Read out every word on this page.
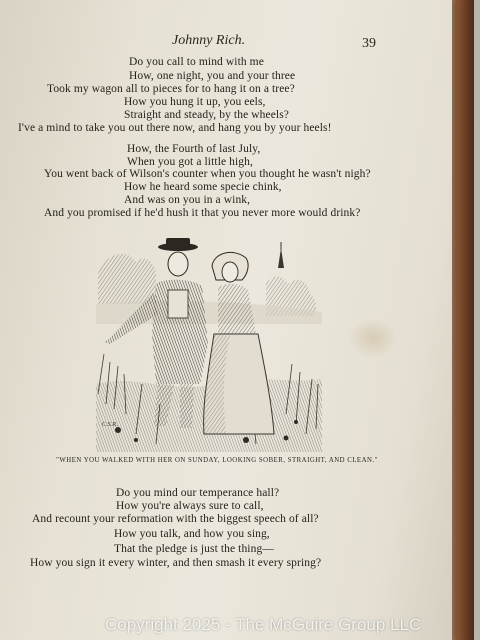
Johnny Rich.	39
Do you call to mind with me
How, one night, you and your three
Took my wagon all to pieces for to hang it on a tree?
How you hung it up, you eels,
Straight and steady, by the wheels?
I've a mind to take you out there now, and hang you by your heels!
How, the Fourth of last July,
When you got a little high,
You went back of Wilson's counter when you thought he wasn't nigh?
How he heard some specie chink,
And was on you in a wink,
And you promised if he'd hush it that you never more would drink?
C.S.R.
"WHEN YOU WALKED WITH HER ON SUNDAY, LOOKING SOBER, STRAIGHT, AND CLEAN."
Do you mind our temperance hall?
How you're always sure to call,
And recount your reformation with the biggest speech of all?
How you talk, and how you sing,
That the pledge is just the thing—
How you sign it every winter, and then smash it every spring?
Copyright 2025 - The McGuire Group LLC
